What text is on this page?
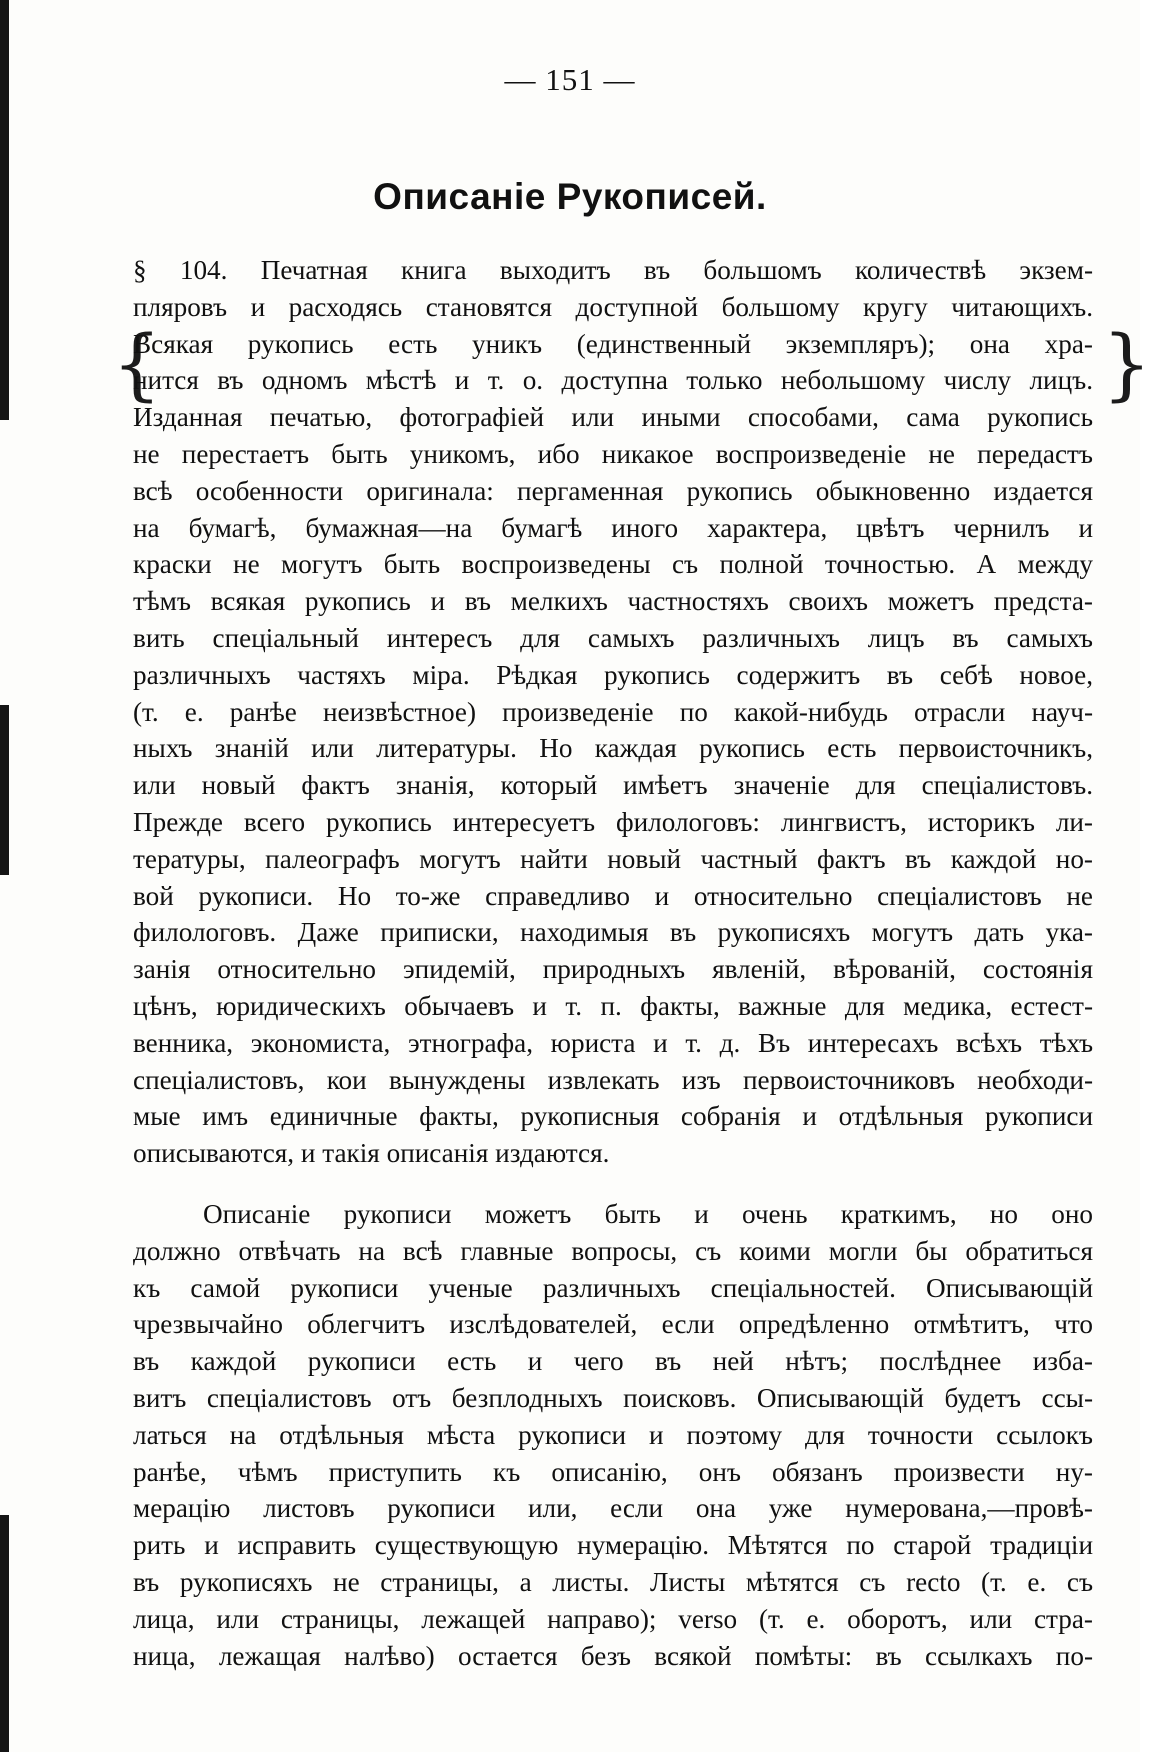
— 151 —
Описаніе Рукописей.
{	}
§ 104. Печатная книга выходитъ въ большомъ количествѣ экзем-
пляровъ и расходясь становятся доступной большому кругу читающихъ.
Всякая рукопись есть уникъ (единственный экземпляръ); она хра-
нится въ одномъ мѣстѣ и т. о. доступна только небольшому числу лицъ.
Изданная печатью, фотографіей или иными способами, сама рукопись
не перестаетъ быть уникомъ, ибо никакое воспроизведеніе не передастъ
всѣ особенности оригинала: пергаменная рукопись обыкновенно издается
на бумагѣ, бумажная—на бумагѣ иного характера, цвѣтъ чернилъ и
краски не могутъ быть воспроизведены съ полной точностью. А между
тѣмъ всякая рукопись и въ мелкихъ частностяхъ своихъ можетъ предста-
вить спеціальный интересъ для самыхъ различныхъ лицъ въ самыхъ
различныхъ частяхъ міра. Рѣдкая рукопись содержитъ въ себѣ новое,
(т. е. ранѣе неизвѣстное) произведеніе по какой-нибудь отрасли науч-
ныхъ знаній или литературы. Но каждая рукопись есть первоисточникъ,
или новый фактъ знанія, который имѣетъ значеніе для спеціалистовъ.
Прежде всего рукопись интересуетъ филологовъ: лингвистъ, историкъ ли-
тературы, палеографъ могутъ найти новый частный фактъ въ каждой но-
вой рукописи. Но то-же справедливо и относительно спеціалистовъ не
филологовъ. Даже приписки, находимыя въ рукописяхъ могутъ дать ука-
занія относительно эпидемій, природныхъ явленій, вѣрованій, состоянія
цѣнъ, юридическихъ обычаевъ и т. п. факты, важные для медика, естест-
венника, экономиста, этнографа, юриста и т. д. Въ интересахъ всѣхъ тѣхъ
спеціалистовъ, кои вынуждены извлекать изъ первоисточниковъ необходи-
мые имъ единичные факты, рукописныя собранія и отдѣльныя рукописи
описываются, и такія описанія издаются.
Описаніе рукописи можетъ быть и очень краткимъ, но оно
должно отвѣчать на всѣ главные вопросы, съ коими могли бы обратиться
къ самой рукописи ученые различныхъ спеціальностей. Описывающій
чрезвычайно облегчитъ изслѣдователей, если опредѣленно отмѣтитъ, что
въ каждой рукописи есть и чего въ ней нѣтъ; послѣднее избa-
витъ спеціалистовъ отъ безплодныхъ поисковъ. Описывающій будетъ ссы-
латься на отдѣльныя мѣста рукописи и поэтому для точности ссылокъ
ранѣе, чѣмъ приступить къ описанію, онъ обязанъ произвести ну-
мерацію листовъ рукописи или, если она уже нумерована,—провѣ-
рить и исправить существующую нумерацію. Мѣтятся по старой традиціи
въ рукописяхъ не страницы, а листы. Листы мѣтятся съ recto (т. е. съ
лица, или страницы, лежащей направо); verso (т. е. оборотъ, или стра-
ница, лежащая налѣво) остается безъ всякой помѣты: въ ссылкахъ по-
